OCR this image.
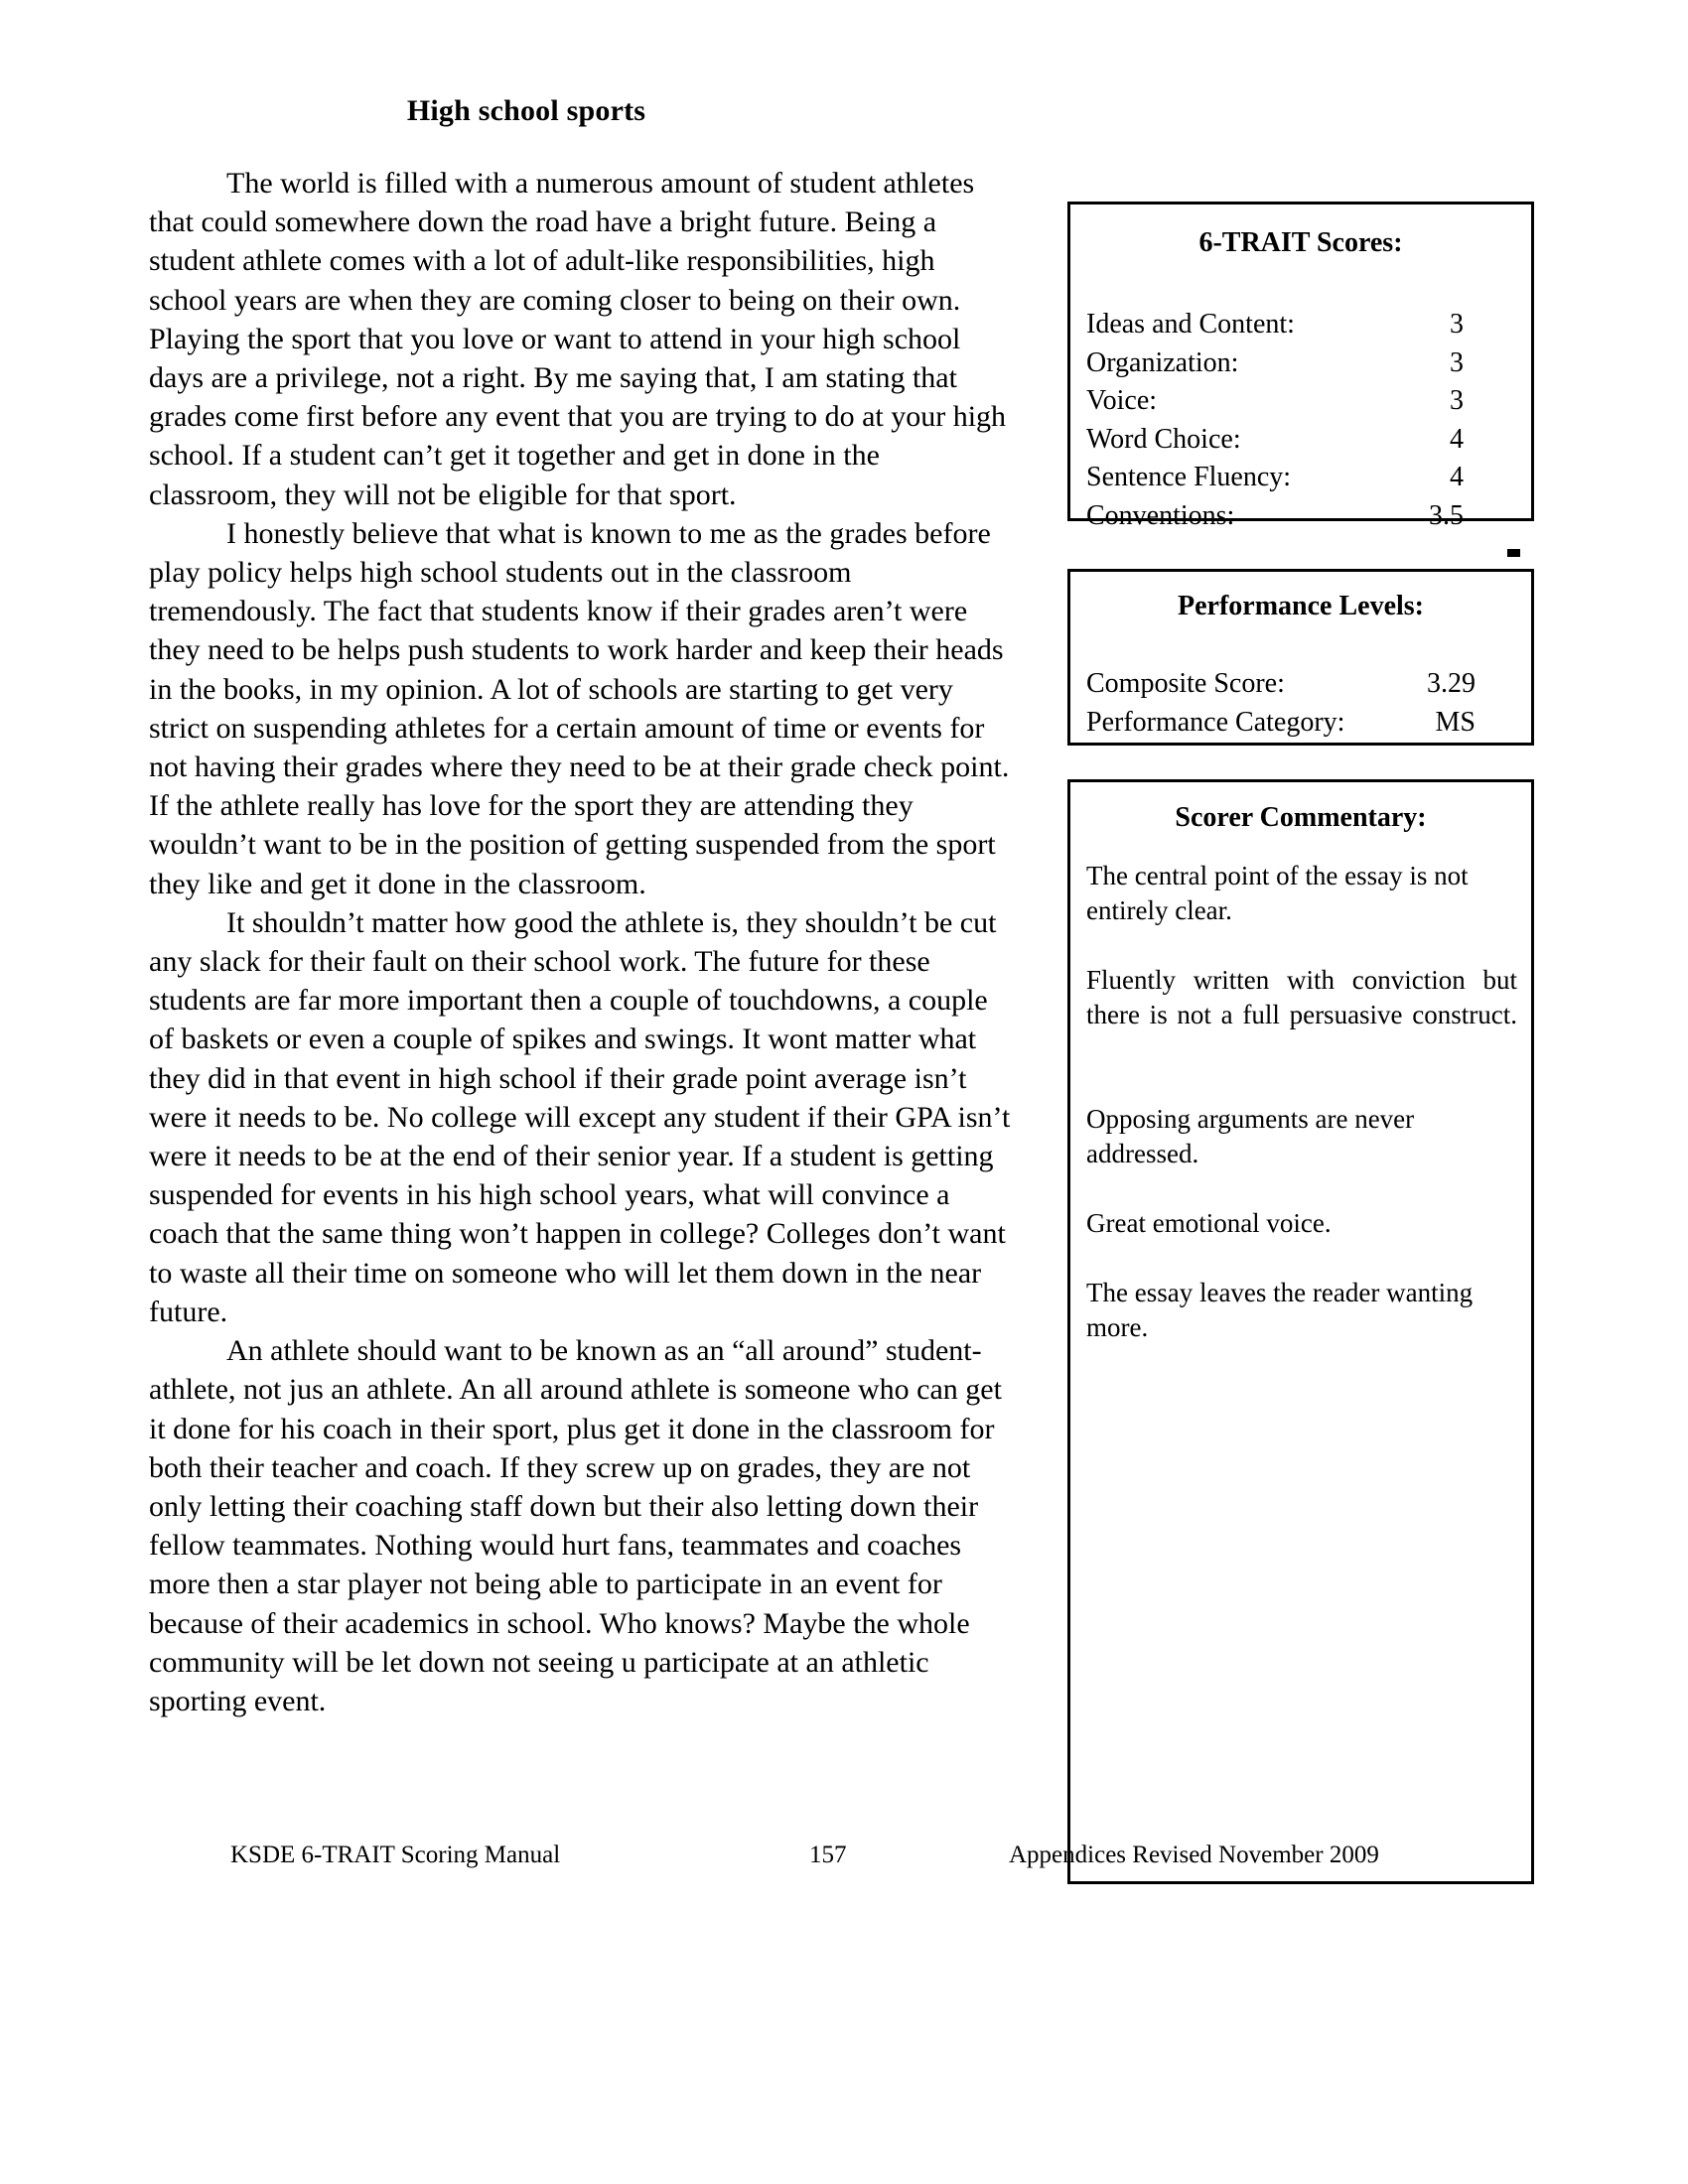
High school sports

The world is filled with a numerous amount of student athletes that could somewhere down the road have a bright future. Being a student athlete comes with a lot of adult-like responsibilities, high school years are when they are coming closer to being on their own. Playing the sport that you love or want to attend in your high school days are a privilege, not a right. By me saying that, I am stating that grades come first before any event that you are trying to do at your high school. If a student can’t get it together and get in done in the classroom, they will not be eligible for that sport.

I honestly believe that what is known to me as the grades before play policy helps high school students out in the classroom tremendously. The fact that students know if their grades aren’t were they need to be helps push students to work harder and keep their heads in the books, in my opinion. A lot of schools are starting to get very strict on suspending athletes for a certain amount of time or events for not having their grades where they need to be at their grade check point. If the athlete really has love for the sport they are attending they wouldn’t want to be in the position of getting suspended from the sport they like and get it done in the classroom.

It shouldn’t matter how good the athlete is, they shouldn’t be cut any slack for their fault on their school work. The future for these students are far more important then a couple of touchdowns, a couple of baskets or even a couple of spikes and swings. It wont matter what they did in that event in high school if their grade point average isn’t were it needs to be. No college will except any student if their GPA isn’t were it needs to be at the end of their senior year. If a student is getting suspended for events in his high school years, what will convince a coach that the same thing won’t happen in college? Colleges don’t want to waste all their time on someone who will let them down in the near future.

An athlete should want to be known as an “all around” student-athlete, not jus an athlete. An all around athlete is someone who can get it done for his coach in their sport, plus get it done in the classroom for both their teacher and coach. If they screw up on grades, they are not only letting their coaching staff down but their also letting down their fellow teammates. Nothing would hurt fans, teammates and coaches more then a star player not being able to participate in an event for because of their academics in school. Who knows? Maybe the whole community will be let down not seeing u participate at an athletic sporting event.

6-TRAIT Scores:
Ideas and Content:	3
Organization:	3
Voice:	3
Word Choice:	4
Sentence Fluency:	4
Conventions:	3.5
Performance Levels:
Composite Score:	3.29
Performance Category:	MS
Scorer Commentary:

The central point of the essay is not entirely clear.

Fluently written with conviction but there is not a full persuasive construct.

Opposing arguments are never addressed.

Great emotional voice.

The essay leaves the reader wanting more.

KSDE 6-TRAIT Scoring Manual	157	Appendices Revised November 2009
